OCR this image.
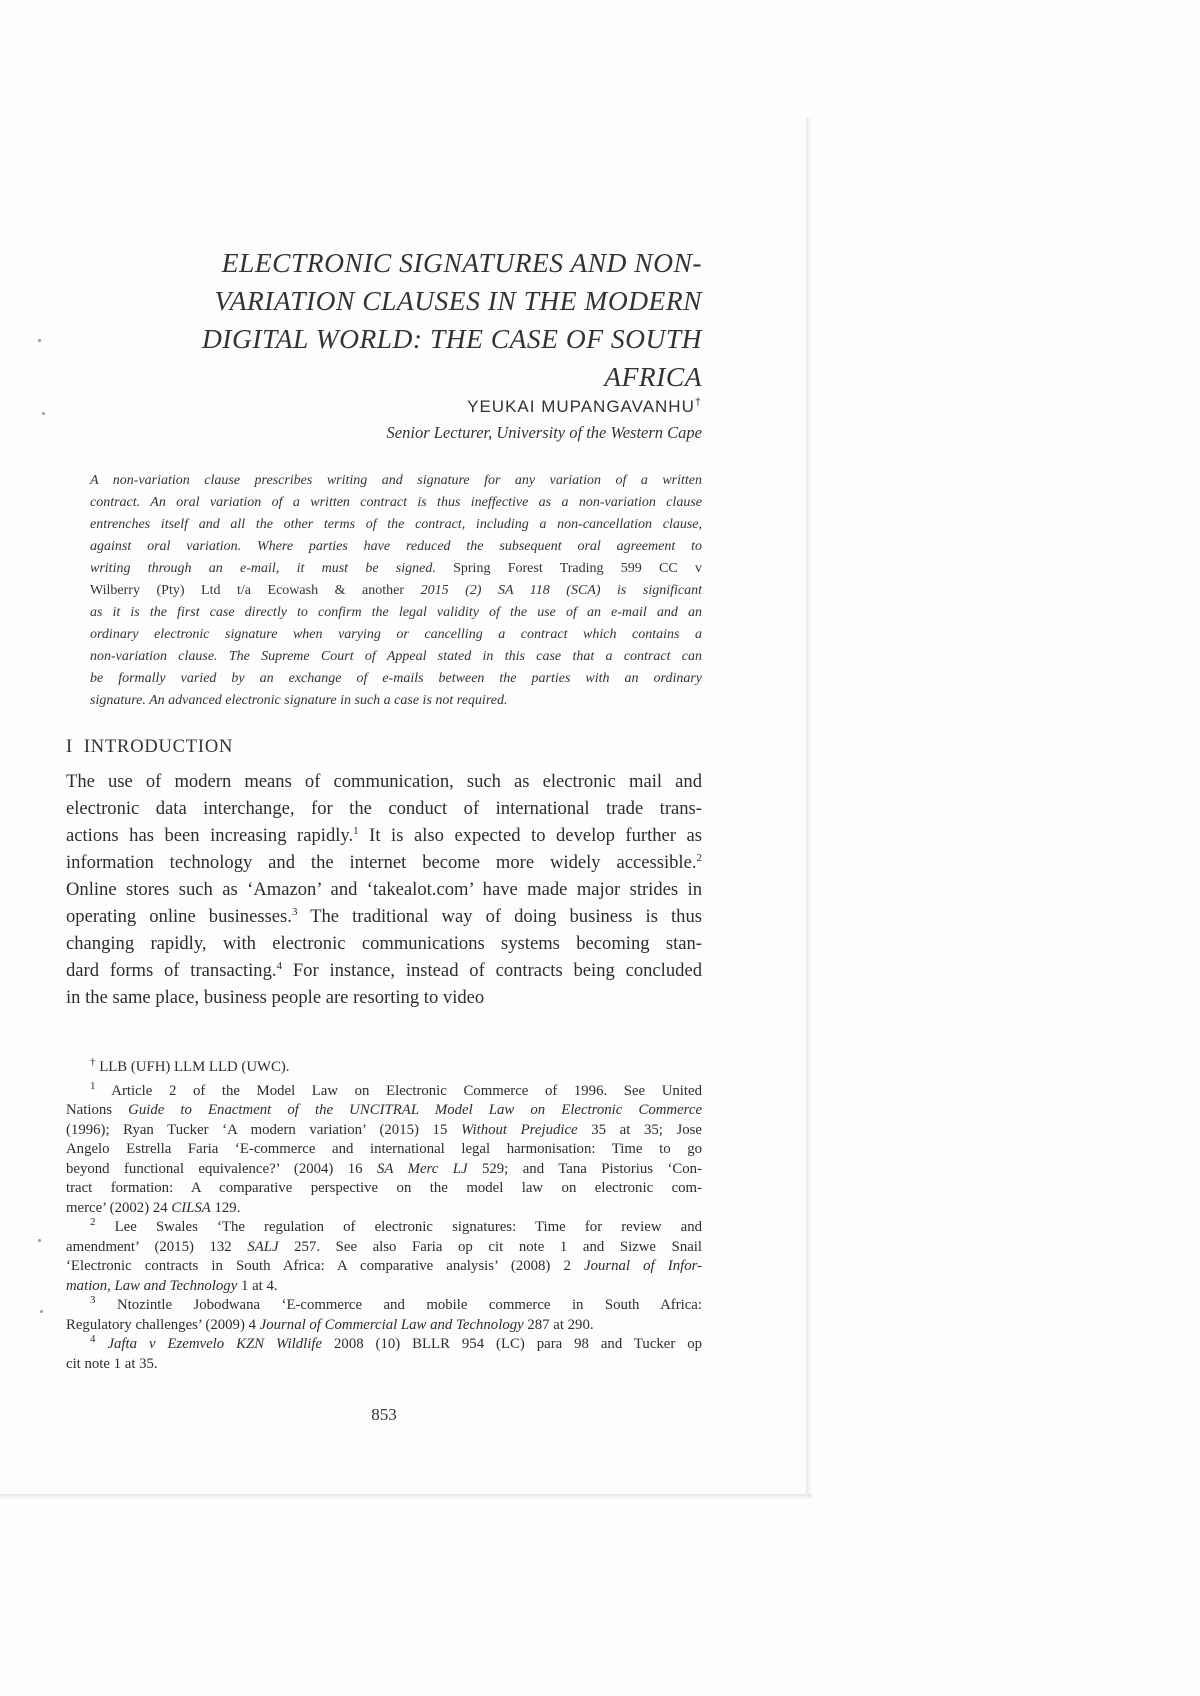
ELECTRONIC SIGNATURES AND NON-
VARIATION CLAUSES IN THE MODERN
DIGITAL WORLD: THE CASE OF SOUTH
AFRICA
YEUKAI MUPANGAVANHU†
Senior Lecturer, University of the Western Cape
A non-variation clause prescribes writing and signature for any variation of a written
contract. An oral variation of a written contract is thus ineffective as a non-variation clause
entrenches itself and all the other terms of the contract, including a non-cancellation clause,
against oral variation. Where parties have reduced the subsequent oral agreement to
writing through an e-mail, it must be signed. Spring Forest Trading 599 CC v
Wilberry (Pty) Ltd t/a Ecowash & another 2015 (2) SA 118 (SCA) is significant
as it is the first case directly to confirm the legal validity of the use of an e-mail and an
ordinary electronic signature when varying or cancelling a contract which contains a
non-variation clause. The Supreme Court of Appeal stated in this case that a contract can
be formally varied by an exchange of e-mails between the parties with an ordinary
signature. An advanced electronic signature in such a case is not required.
I INTRODUCTION
The use of modern means of communication, such as electronic mail and
electronic data interchange, for the conduct of international trade trans-
actions has been increasing rapidly.$^1$ It is also expected to develop further as
information technology and the internet become more widely accessible.$^2$
Online stores such as ‘Amazon’ and ‘takealot.com’ have made major strides in
operating online businesses.$^3$ The traditional way of doing business is thus
changing rapidly, with electronic communications systems becoming stan-
dard forms of transacting.$^4$ For instance, instead of contracts being concluded
in the same place, business people are resorting to video
† LLB (UFH) LLM LLD (UWC).
$^1$ Article 2 of the Model Law on Electronic Commerce of 1996. See United
Nations Guide to Enactment of the UNCITRAL Model Law on Electronic Commerce
(1996); Ryan Tucker ‘A modern variation’ (2015) 15 Without Prejudice 35 at 35; Jose
Angelo Estrella Faria ‘E-commerce and international legal harmonisation: Time to go
beyond functional equivalence?’ (2004) 16 SA Merc LJ 529; and Tana Pistorius ‘Con-
tract formation: A comparative perspective on the model law on electronic com-
merce’ (2002) 24 CILSA 129.
$^2$ Lee Swales ‘The regulation of electronic signatures: Time for review and
amendment’ (2015) 132 SALJ 257. See also Faria op cit note 1 and Sizwe Snail
‘Electronic contracts in South Africa: A comparative analysis’ (2008) 2 Journal of Infor-
mation, Law and Technology 1 at 4.
$^3$ Ntozintle Jobodwana ‘E-commerce and mobile commerce in South Africa:
Regulatory challenges’ (2009) 4 Journal of Commercial Law and Technology 287 at 290.
$^4$ Jafta v Ezemvelo KZN Wildlife 2008 (10) BLLR 954 (LC) para 98 and Tucker op
cit note 1 at 35.
853
